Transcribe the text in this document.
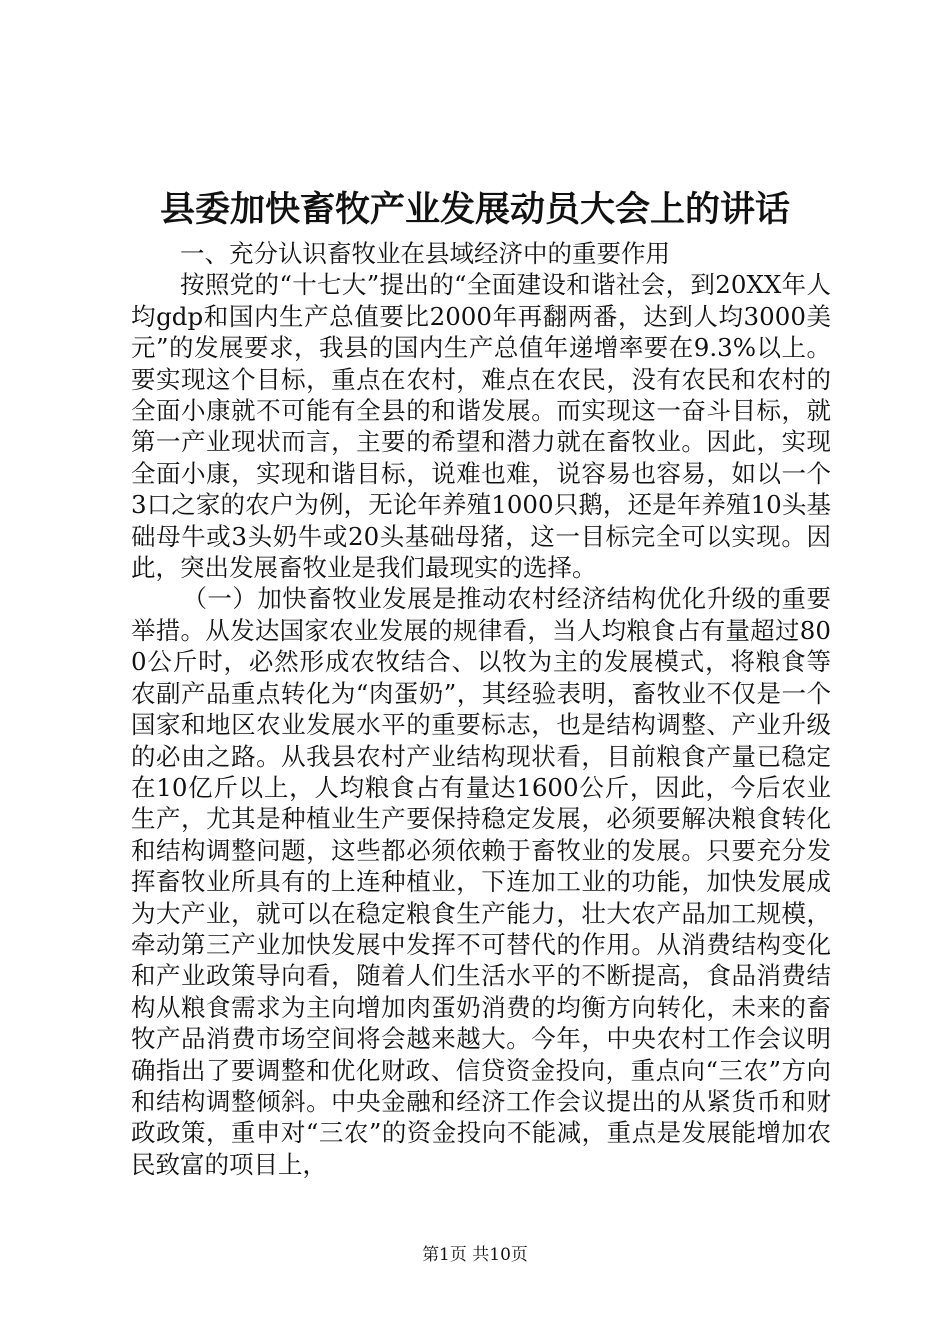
县委加快畜牧产业发展动员大会上的讲话

一、充分认识畜牧业在县域经济中的重要作用

按照党的“十七大”提出的“全面建设和谐社会，到20XX年人均gdp和国内生产总值要比2000年再翻两番，达到人均3000美元”的发展要求，我县的国内生产总值年递增率要在9.3%以上。要实现这个目标，重点在农村，难点在农民，没有农民和农村的全面小康就不可能有全县的和谐发展。而实现这一奋斗目标，就第一产业现状而言，主要的希望和潜力就在畜牧业。因此，实现全面小康，实现和谐目标，说难也难，说容易也容易，如以一个3口之家的农户为例，无论年养殖1000只鹅，还是年养殖10头基础母牛或3头奶牛或20头基础母猪，这一目标完全可以实现。因此，突出发展畜牧业是我们最现实的选择。

（一）加快畜牧业发展是推动农村经济结构优化升级的重要举措。从发达国家农业发展的规律看，当人均粮食占有量超过800公斤时，必然形成农牧结合、以牧为主的发展模式，将粮食等农副产品重点转化为“肉蛋奶”，其经验表明，畜牧业不仅是一个国家和地区农业发展水平的重要标志，也是结构调整、产业升级的必由之路。从我县农村产业结构现状看，目前粮食产量已稳定在10亿斤以上，人均粮食占有量达1600公斤，因此，今后农业生产，尤其是种植业生产要保持稳定发展，必须要解决粮食转化和结构调整问题，这些都必须依赖于畜牧业的发展。只要充分发挥畜牧业所具有的上连种植业，下连加工业的功能，加快发展成为大产业，就可以在稳定粮食生产能力，壮大农产品加工规模，牵动第三产业加快发展中发挥不可替代的作用。从消费结构变化和产业政策导向看，随着人们生活水平的不断提高，食品消费结构从粮食需求为主向增加肉蛋奶消费的均衡方向转化，未来的畜牧产品消费市场空间将会越来越大。今年，中央农村工作会议明确指出了要调整和优化财政、信贷资金投向，重点向“三农”方向和结构调整倾斜。中央金融和经济工作会议提出的从紧货币和财政政策，重申对“三农”的资金投向不能减，重点是发展能增加农民致富的项目上，

第1页 共10页
